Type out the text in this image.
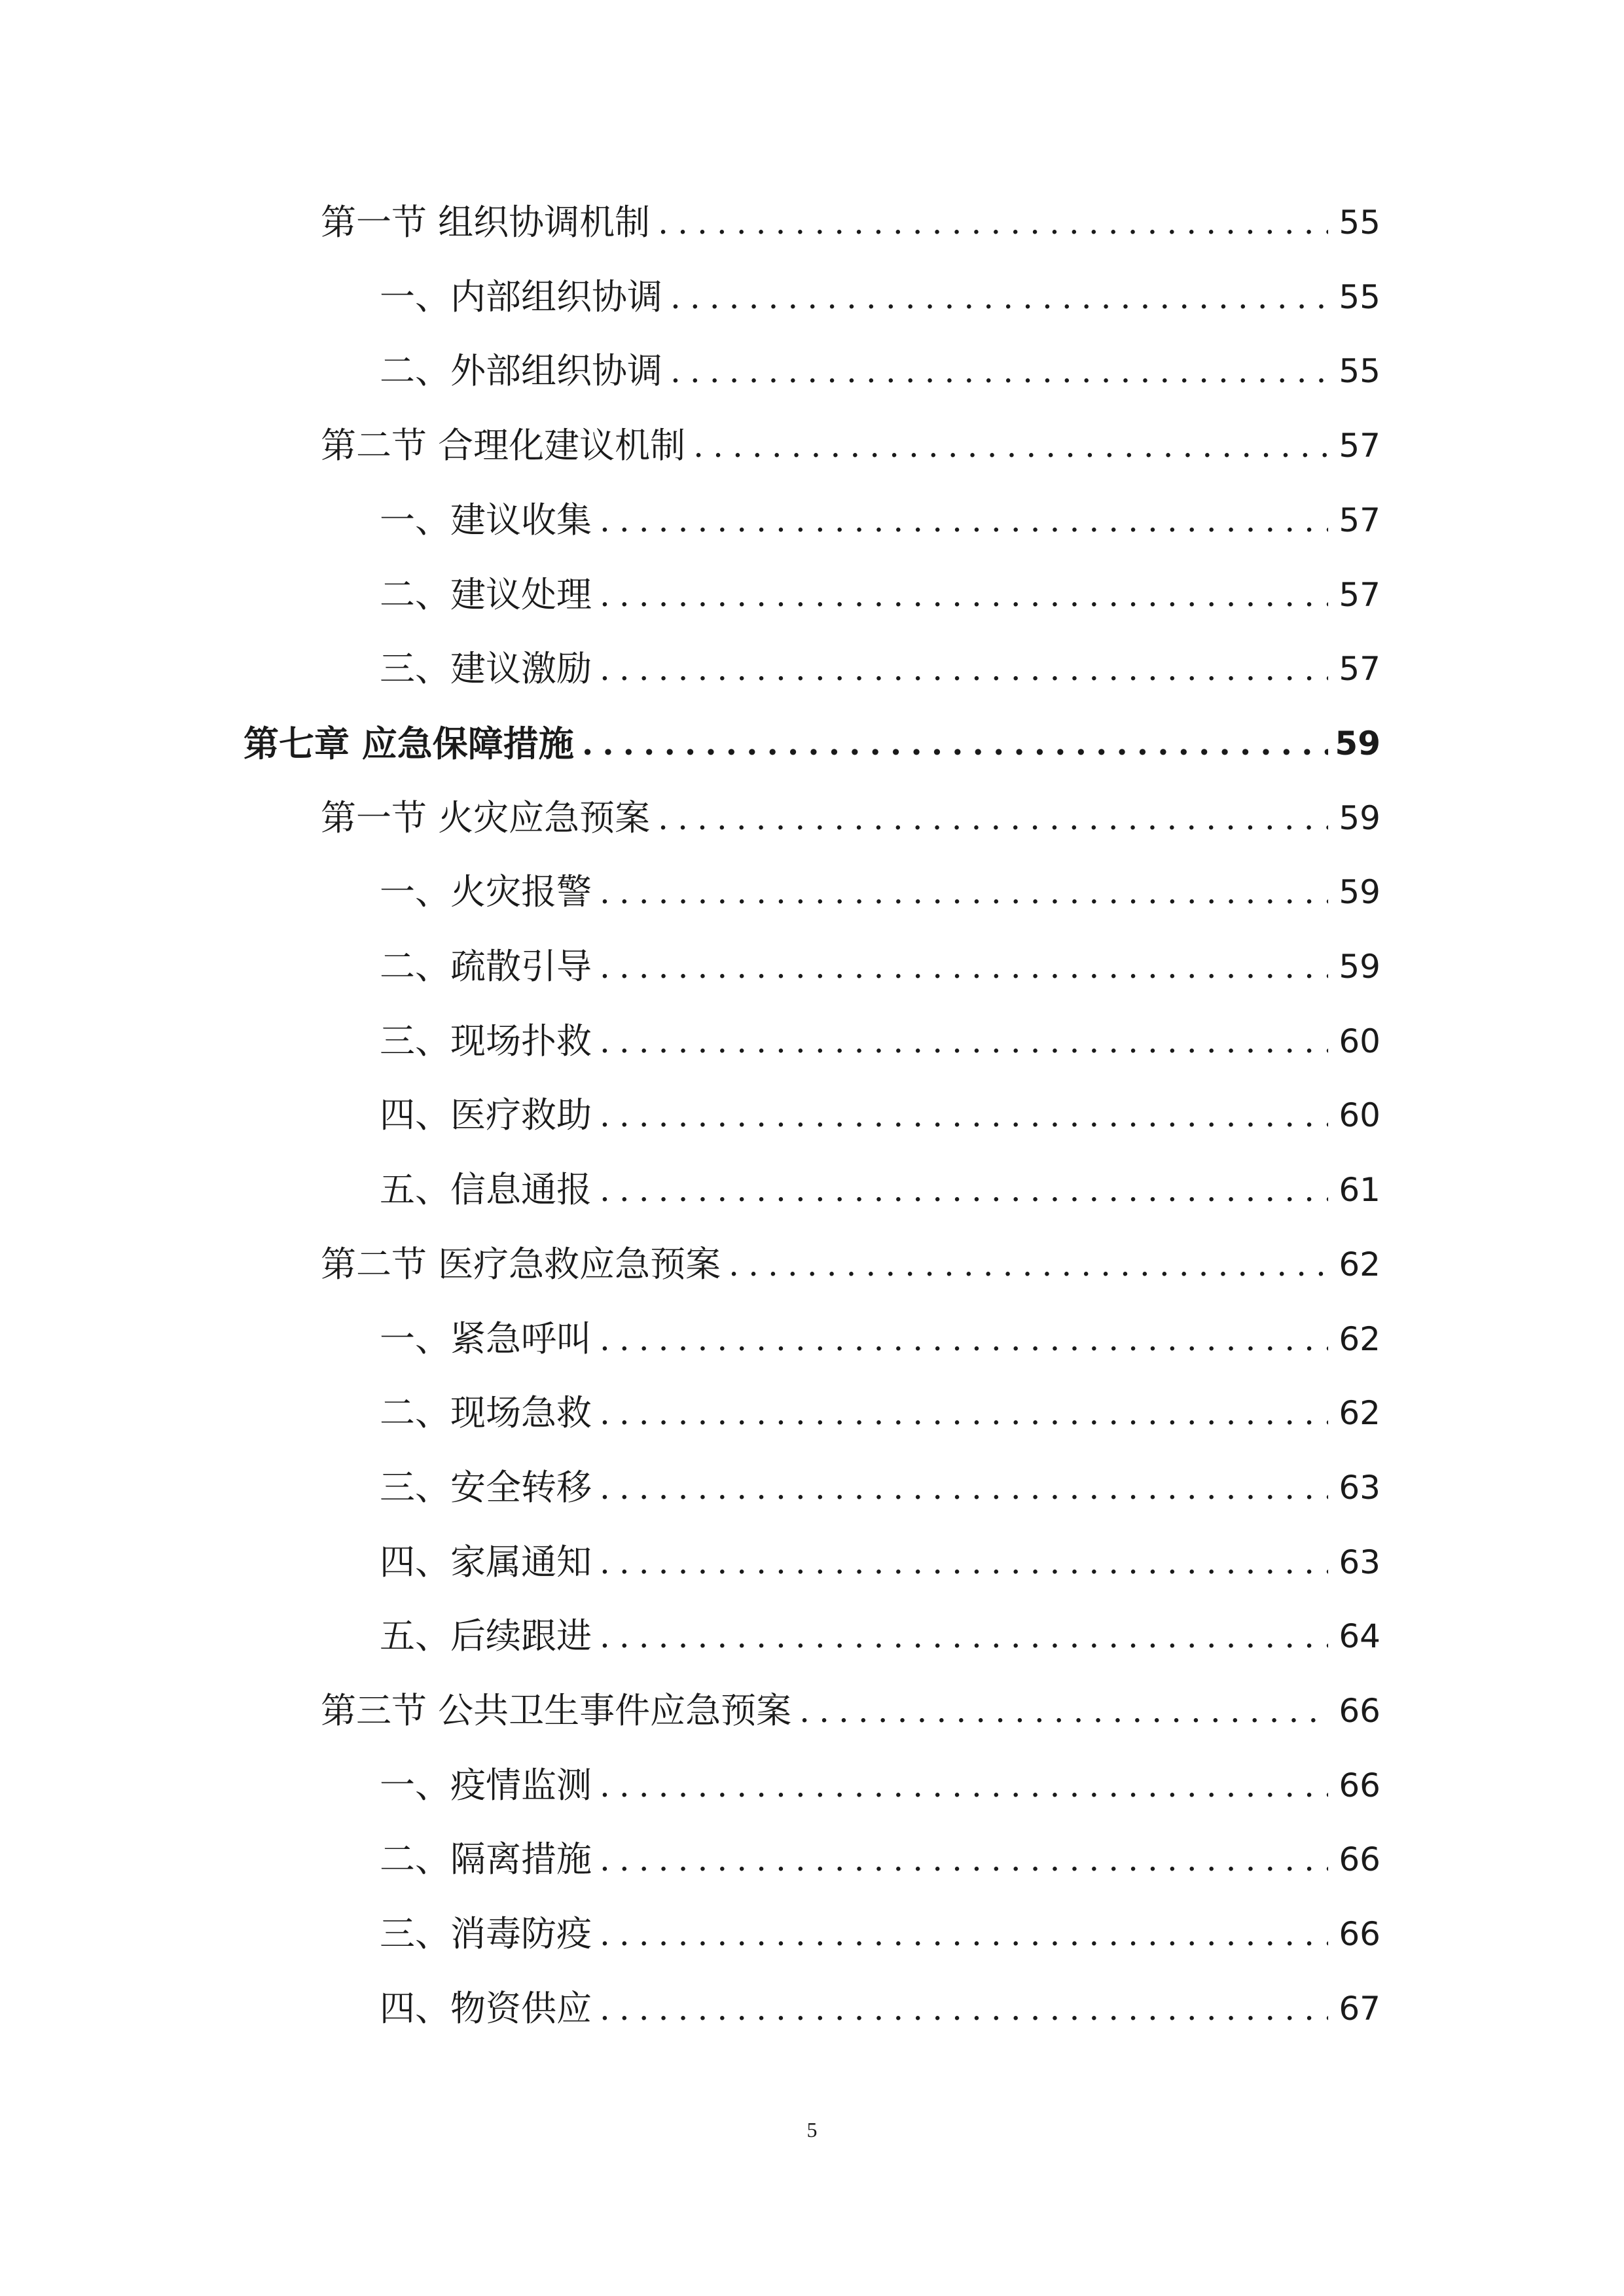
第一节 组织协调机制 .....	55
一、内部组织协调 .....	55
二、外部组织协调 .....	55
第二节 合理化建议机制 .....	57
一、建议收集 .....	57
二、建议处理 .....	57
三、建议激励 .....	57
第七章 应急保障措施 .....	59
第一节 火灾应急预案 .....	59
一、火灾报警 .....	59
二、疏散引导 .....	59
三、现场扑救 .....	60
四、医疗救助 .....	60
五、信息通报 .....	61
第二节 医疗急救应急预案 .....	62
一、紧急呼叫 .....	62
二、现场急救 .....	62
三、安全转移 .....	63
四、家属通知 .....	63
五、后续跟进 .....	64
第三节 公共卫生事件应急预案 .....	66
一、疫情监测 .....	66
二、隔离措施 .....	66
三、消毒防疫 .....	66
四、物资供应 .....	67
5
